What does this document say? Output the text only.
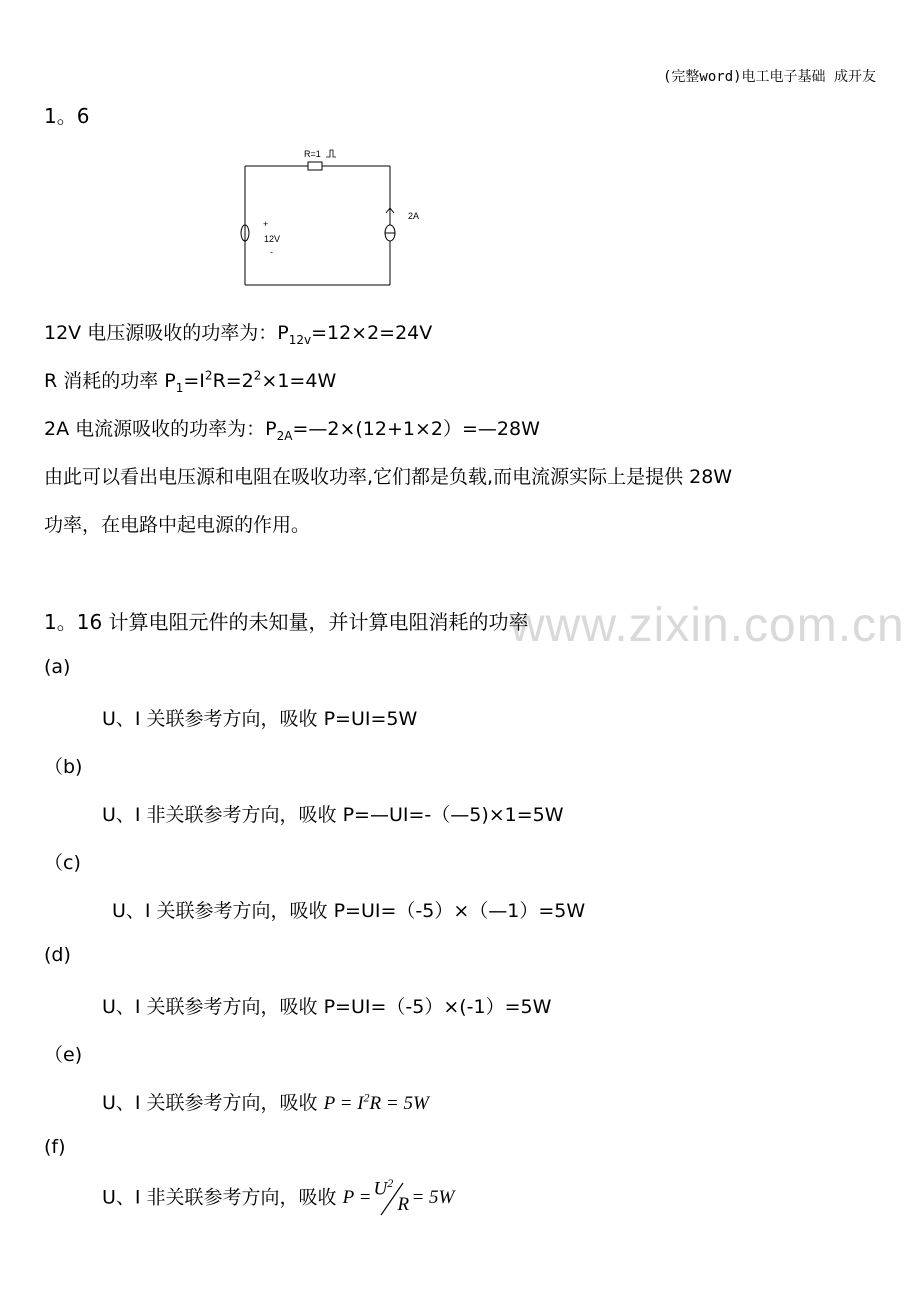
(完整word)电工电子基础 成开友
www.zixin.com.cn
1。6
R=1
2A
+
12V
-
12V 电压源吸收的功率为：$P_{12v}=12\times 2=24V$
R 消耗的功率 $P_1=I^2R=2^2\times 1=4W$
2A 电流源吸收的功率为：$P_{2A}=—2\times(12+1\times 2)=—28W$
由此可以看出电压源和电阻在吸收功率,它们都是负载,而电流源实际上是提供 28W
功率，在电路中起电源的作用。
1。16 计算电阻元件的未知量，并计算电阻消耗的功率
(a)
U、I 关联参考方向，吸收 P=UI=5W
（b)
U、I 非关联参考方向，吸收 P=—UI=-（—5)×1=5W
（c)
U、I 关联参考方向，吸收 P=UI=（-5）×（—1）=5W
(d)
U、I 关联参考方向，吸收 P=UI=（-5）×(-1）=5W
（e)
U、I 关联参考方向，吸收 $P = I^2R = 5W$
(f)
U、I 非关联参考方向，吸收 $P = U^2$
R = 5W
